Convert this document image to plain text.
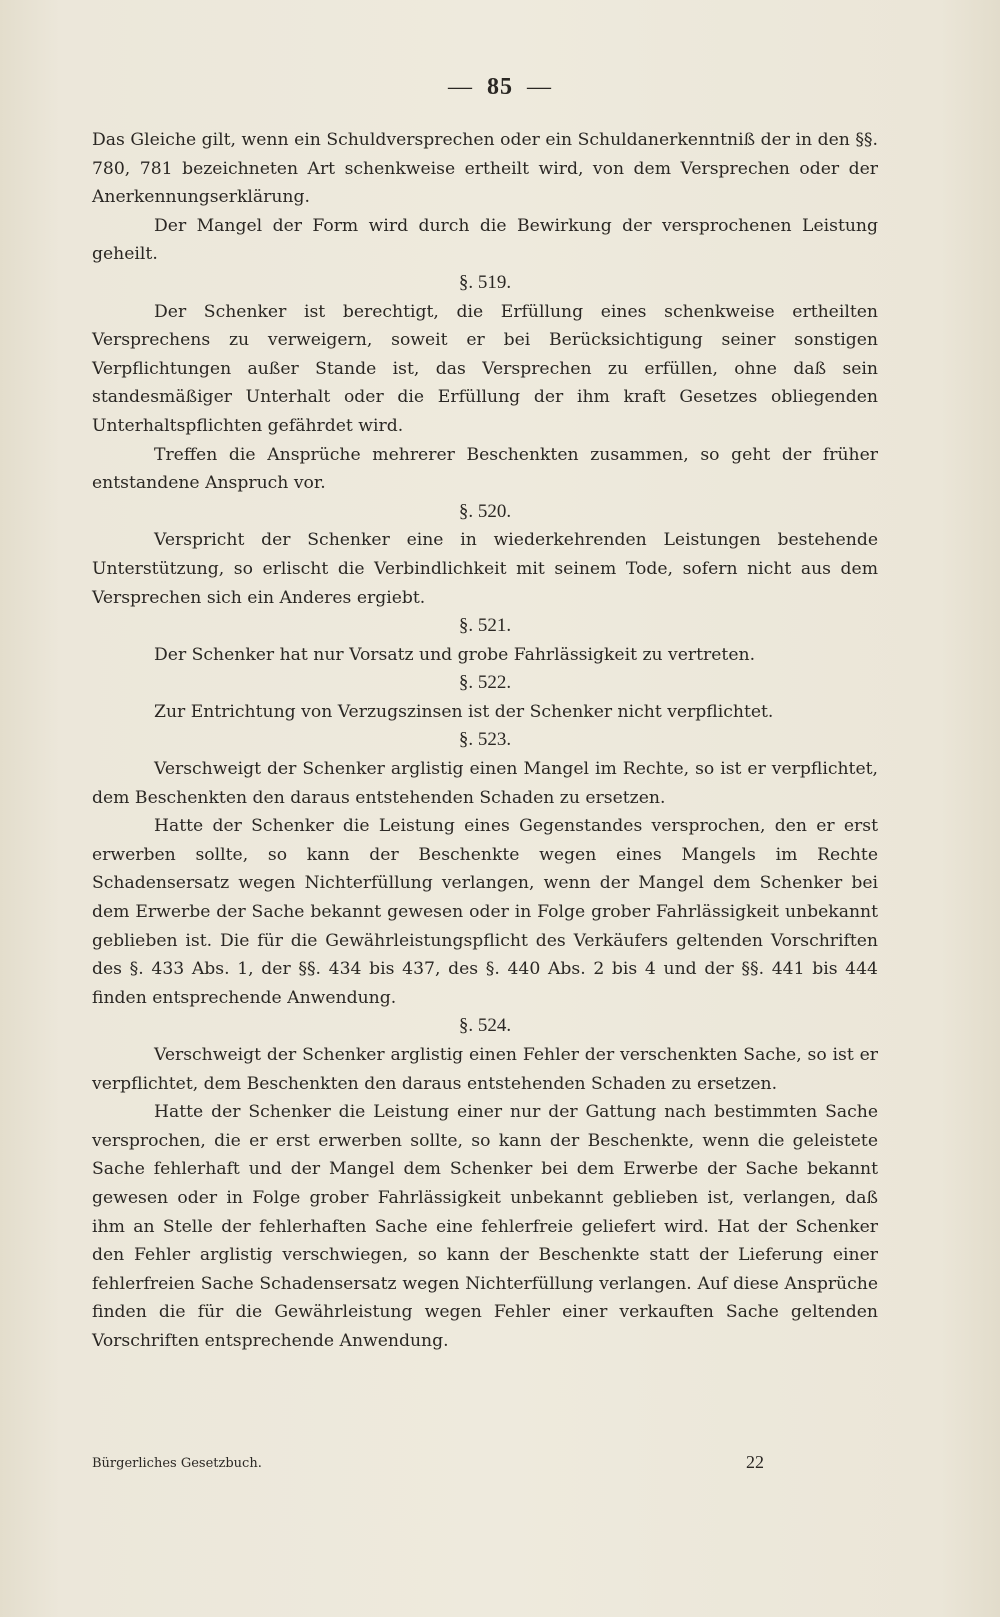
— 85 —

Das Gleiche gilt, wenn ein Schuldversprechen oder ein Schuldanerkenntniß der in den §§. 780, 781 bezeichneten Art schenkweise ertheilt wird, von dem Versprechen oder der Anerkennungserklärung.

Der Mangel der Form wird durch die Bewirkung der versprochenen Leistung geheilt.

§. 519.

Der Schenker ist berechtigt, die Erfüllung eines schenkweise ertheilten Versprechens zu verweigern, soweit er bei Berücksichtigung seiner sonstigen Verpflichtungen außer Stande ist, das Versprechen zu erfüllen, ohne daß sein standesmäßiger Unterhalt oder die Erfüllung der ihm kraft Gesetzes obliegenden Unterhaltspflichten gefährdet wird.

Treffen die Ansprüche mehrerer Beschenkten zusammen, so geht der früher entstandene Anspruch vor.

§. 520.

Verspricht der Schenker eine in wiederkehrenden Leistungen bestehende Unterstützung, so erlischt die Verbindlichkeit mit seinem Tode, sofern nicht aus dem Versprechen sich ein Anderes ergiebt.

§. 521.

Der Schenker hat nur Vorsatz und grobe Fahrlässigkeit zu vertreten.

§. 522.

Zur Entrichtung von Verzugszinsen ist der Schenker nicht verpflichtet.

§. 523.

Verschweigt der Schenker arglistig einen Mangel im Rechte, so ist er verpflichtet, dem Beschenkten den daraus entstehenden Schaden zu ersetzen.

Hatte der Schenker die Leistung eines Gegenstandes versprochen, den er erst erwerben sollte, so kann der Beschenkte wegen eines Mangels im Rechte Schadensersatz wegen Nichterfüllung verlangen, wenn der Mangel dem Schenker bei dem Erwerbe der Sache bekannt gewesen oder in Folge grober Fahrlässigkeit unbekannt geblieben ist. Die für die Gewährleistungspflicht des Verkäufers geltenden Vorschriften des §. 433 Abs. 1, der §§. 434 bis 437, des §. 440 Abs. 2 bis 4 und der §§. 441 bis 444 finden entsprechende Anwendung.

§. 524.

Verschweigt der Schenker arglistig einen Fehler der verschenkten Sache, so ist er verpflichtet, dem Beschenkten den daraus entstehenden Schaden zu ersetzen.

Hatte der Schenker die Leistung einer nur der Gattung nach bestimmten Sache versprochen, die er erst erwerben sollte, so kann der Beschenkte, wenn die geleistete Sache fehlerhaft und der Mangel dem Schenker bei dem Erwerbe der Sache bekannt gewesen oder in Folge grober Fahrlässigkeit unbekannt geblieben ist, verlangen, daß ihm an Stelle der fehlerhaften Sache eine fehlerfreie geliefert wird. Hat der Schenker den Fehler arglistig verschwiegen, so kann der Beschenkte statt der Lieferung einer fehlerfreien Sache Schadensersatz wegen Nichterfüllung verlangen. Auf diese Ansprüche finden die für die Gewährleistung wegen Fehler einer verkauften Sache geltenden Vorschriften entsprechende Anwendung.

Bürgerliches Gesetzbuch.	22
